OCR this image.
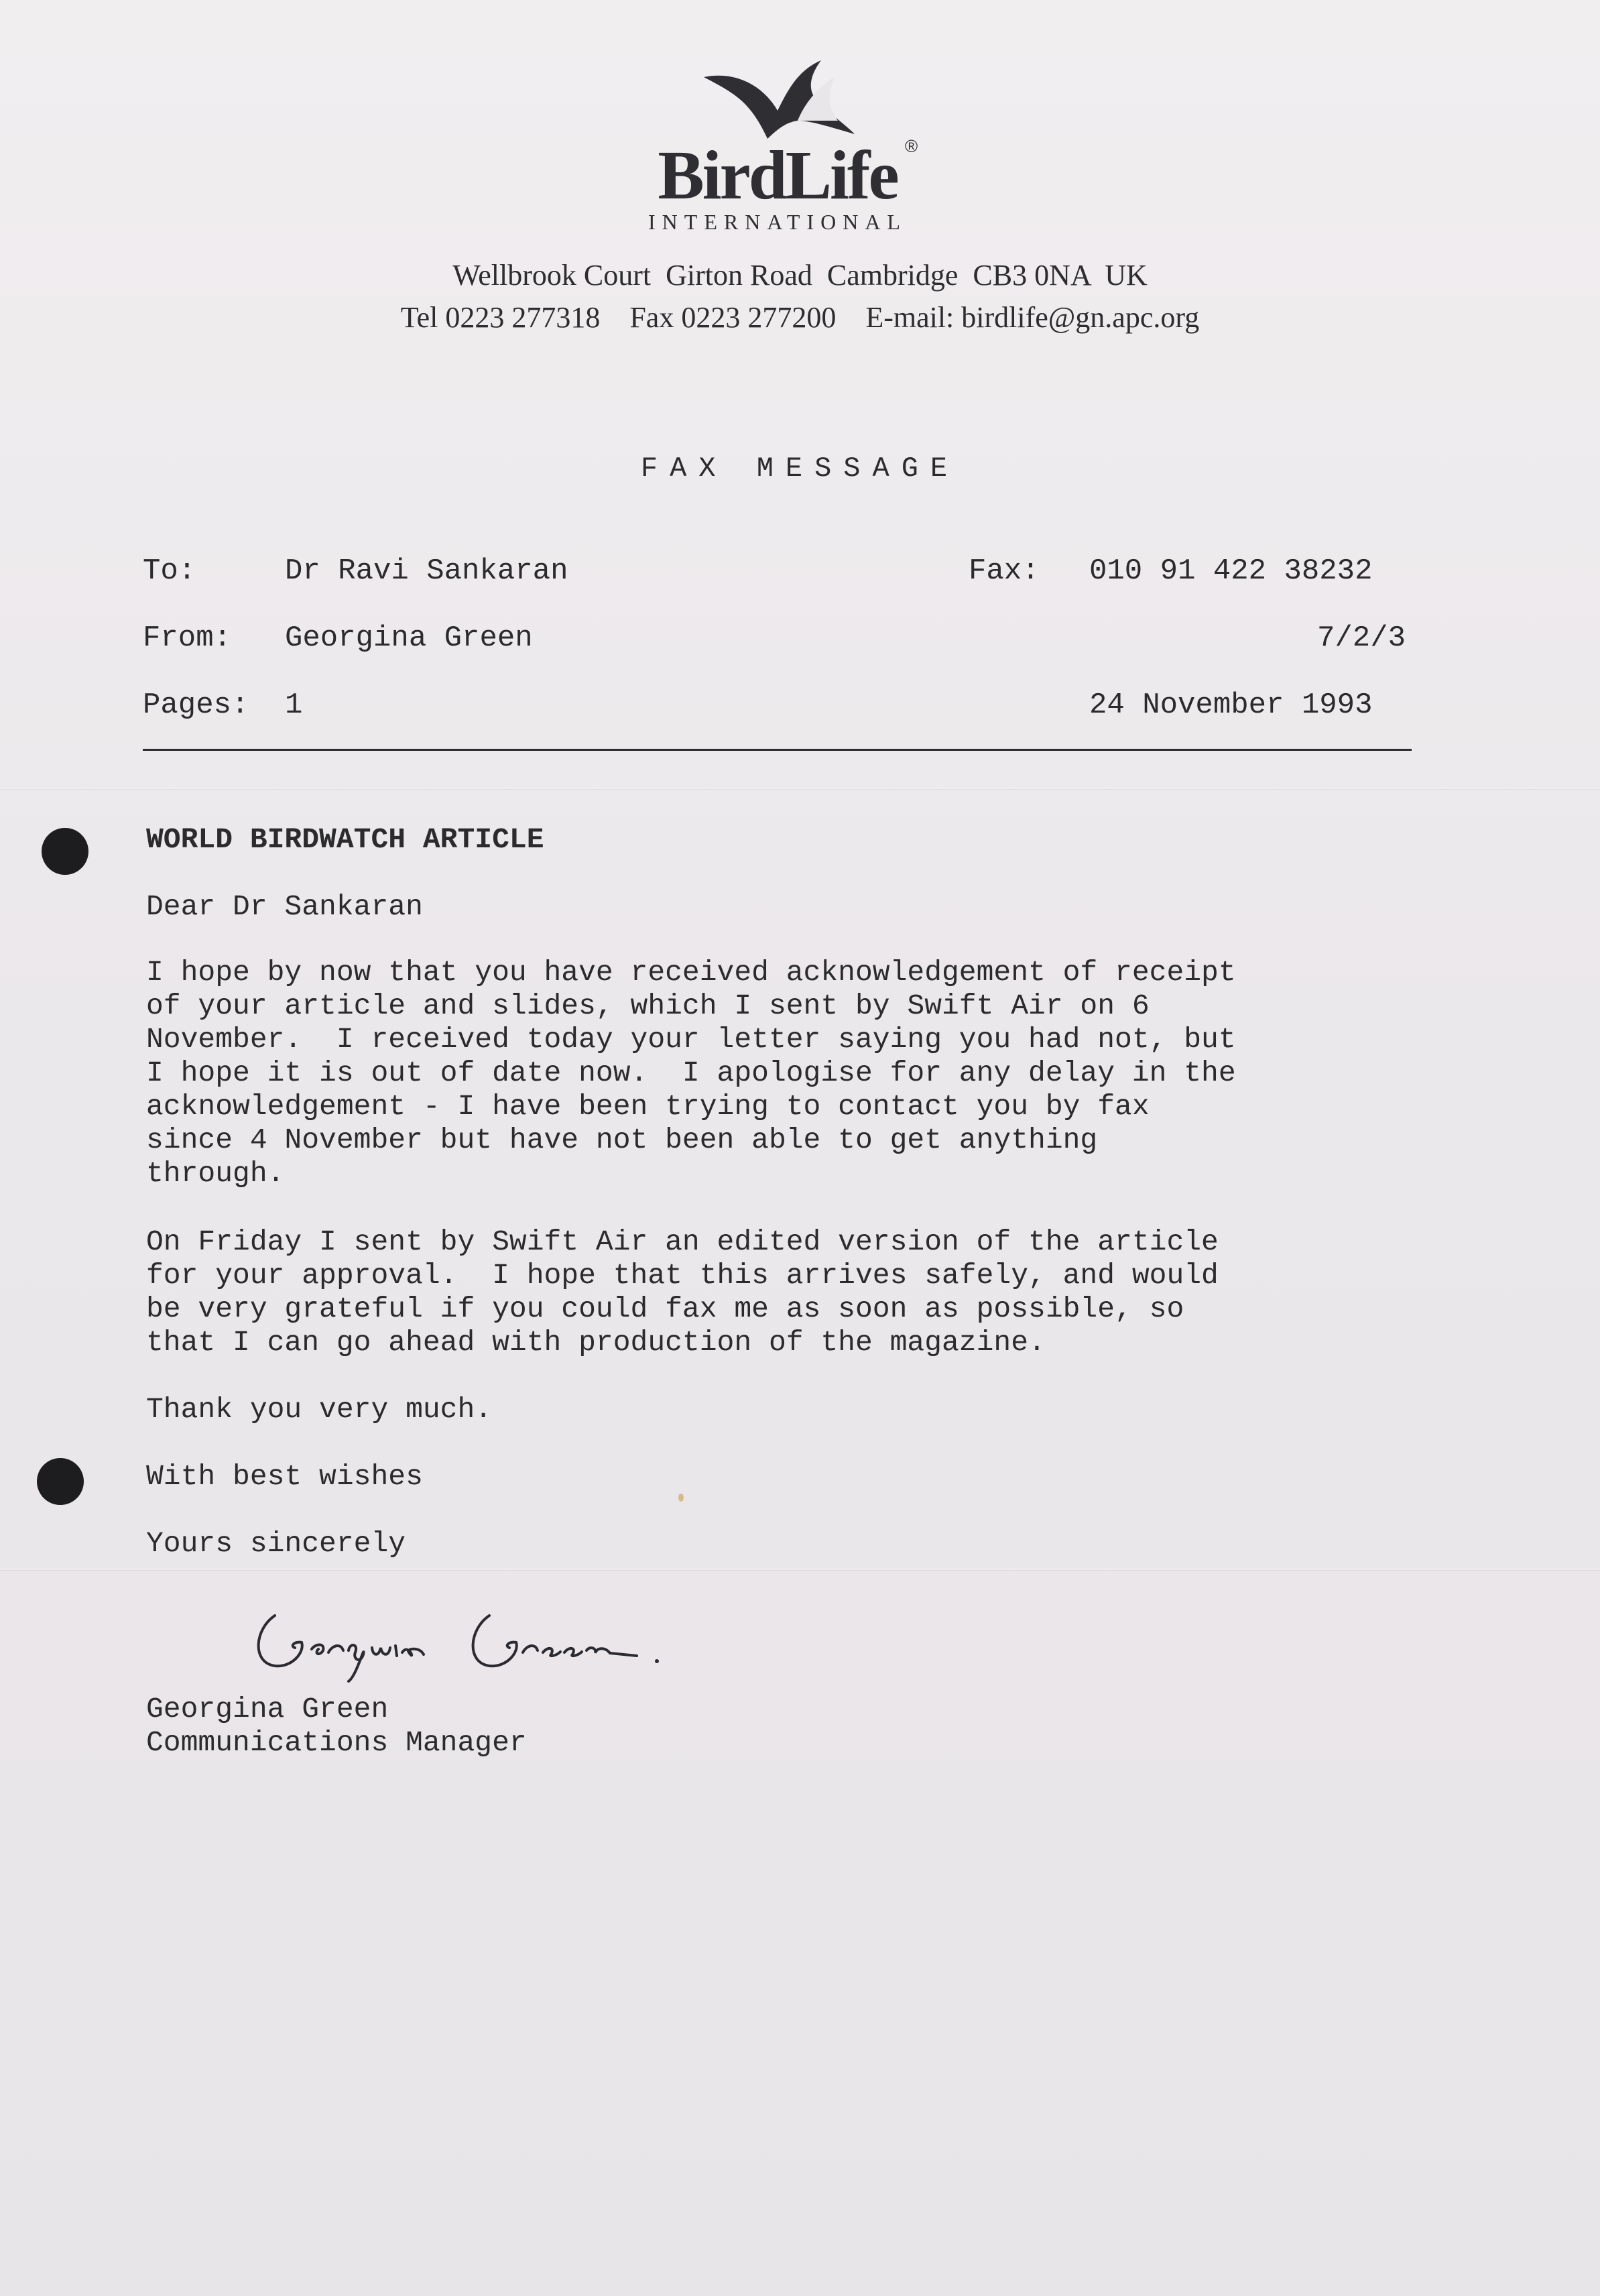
BirdLife ®
INTERNATIONAL
Wellbrook Court  Girton Road  Cambridge  CB3 0NA  UK
Tel 0223 277318    Fax 0223 277200    E-mail: birdlife@gn.apc.org
FAX MESSAGE
To:	Dr Ravi Sankaran	Fax: 010 91 422 38232
From: Georgina Green	7/2/3
Pages: 1	24 November 1993
WORLD BIRDWATCH ARTICLE
Dear Dr Sankaran
I hope by now that you have received acknowledgement of receipt
of your article and slides, which I sent by Swift Air on 6
November.  I received today your letter saying you had not, but
I hope it is out of date now.  I apologise for any delay in the
acknowledgement - I have been trying to contact you by fax
since 4 November but have not been able to get anything
through.
On Friday I sent by Swift Air an edited version of the article
for your approval.  I hope that this arrives safely, and would
be very grateful if you could fax me as soon as possible, so
that I can go ahead with production of the magazine.
Thank you very much.
With best wishes
Yours sincerely
Georgina Green
Communications Manager
